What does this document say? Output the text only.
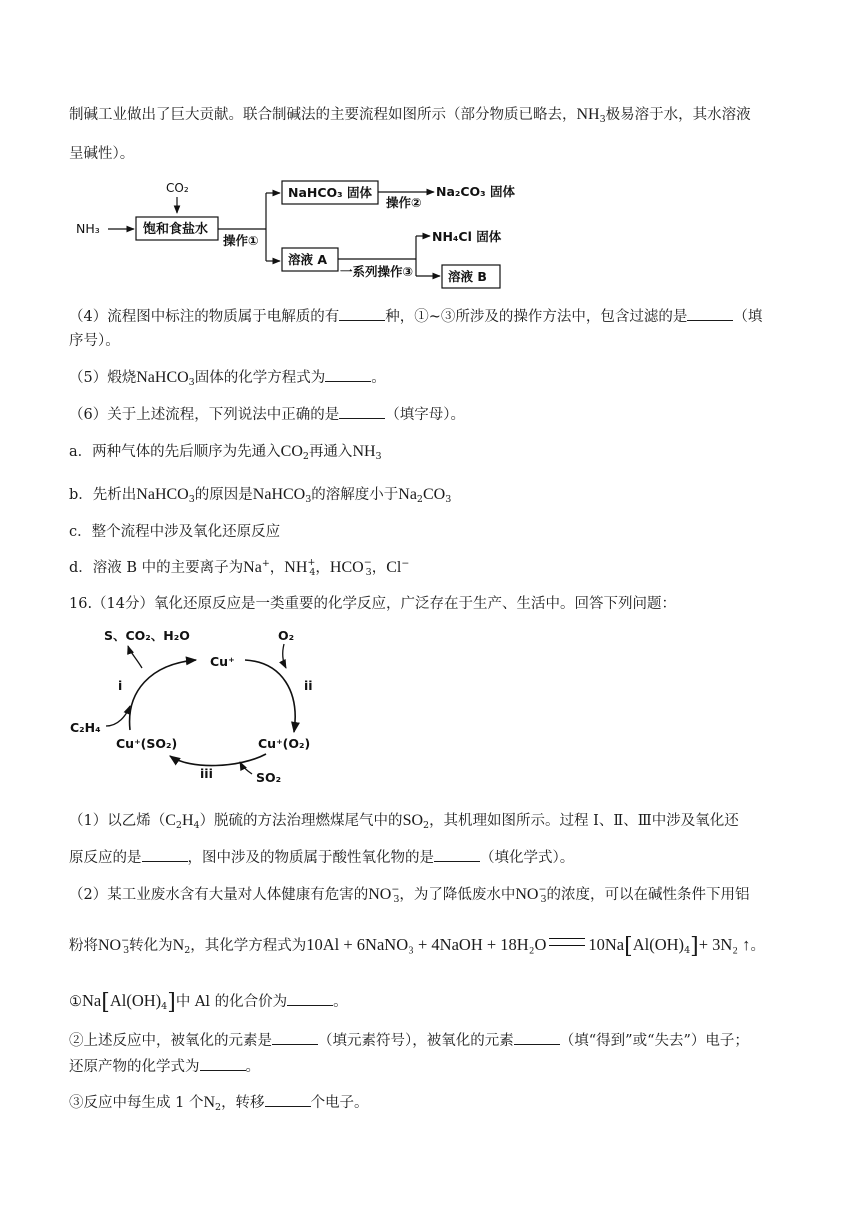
制碱工业做出了巨大贡献。联合制碱法的主要流程如图所示（部分物质已略去，$NH_3$极易溶于水，其水溶液
呈碱性）。
CO₂
NH₃	饱和食盐水
操作①
NaHCO₃ 固体
操作②
Na₂CO₃ 固体
溶液 A
一系列操作③
NH₄Cl 固体
溶液 B
（4）流程图中标注的物质属于电解质的有	种，①~③所涉及的操作方法中，包含过滤的是	（填
序号）。
（5）煅烧NaHCO$_3$固体的化学方程式为	。
（6）关于上述流程，下列说法中正确的是	（填字母）。
a．两种气体的先后顺序为先通入$CO_2$再通入$NH_3$
b．先析出NaHCO$_3$的原因是NaHCO$_3$的溶解度小于$Na_2CO_3$
c．整个流程中涉及氧化还原反应
d．溶液 B 中的主要离子为Na+，$NH^+_4$，$HCO^-_3$，Cl−
16.（14分）氧化还原反应是一类重要的化学反应，广泛存在于生产、生活中。回答下列问题：
S、CO₂、H₂O
Cu⁺
O₂
i	ii
C₂H₄
Cu⁺(SO₂)	Cu⁺(O₂)
iii	SO₂
（1）以乙烯$(C_2H_4)$脱硫的方法治理燃煤尾气中的$SO_2$，其机理如图所示。过程 Ⅰ、Ⅱ、Ⅲ中涉及氧化还
原反应的是	，图中涉及的物质属于酸性氧化物的是	（填化学式）。
（2）某工业废水含有大量对人体健康有危害的$NO^-_3$，为了降低废水中$NO^-_3$的浓度，可以在碱性条件下用铝
粉将$NO^-_3$转化为$N_2$，其化学方程式为10Al + 6NaNO₃ + 4NaOH + 18H₂O	$10Na[Al(OH)_4]+ 3N_2$ ↑。
$①Na[Al(OH)_4]$中 Al 的化合价为	。
②上述反应中，被氧化的元素是	（填元素符号），被氧化的元素	（填“得到”或“失去”）电子；
还原产物的化学式为	。
③反应中每生成 1 个$N_2$，转移	个电子。
